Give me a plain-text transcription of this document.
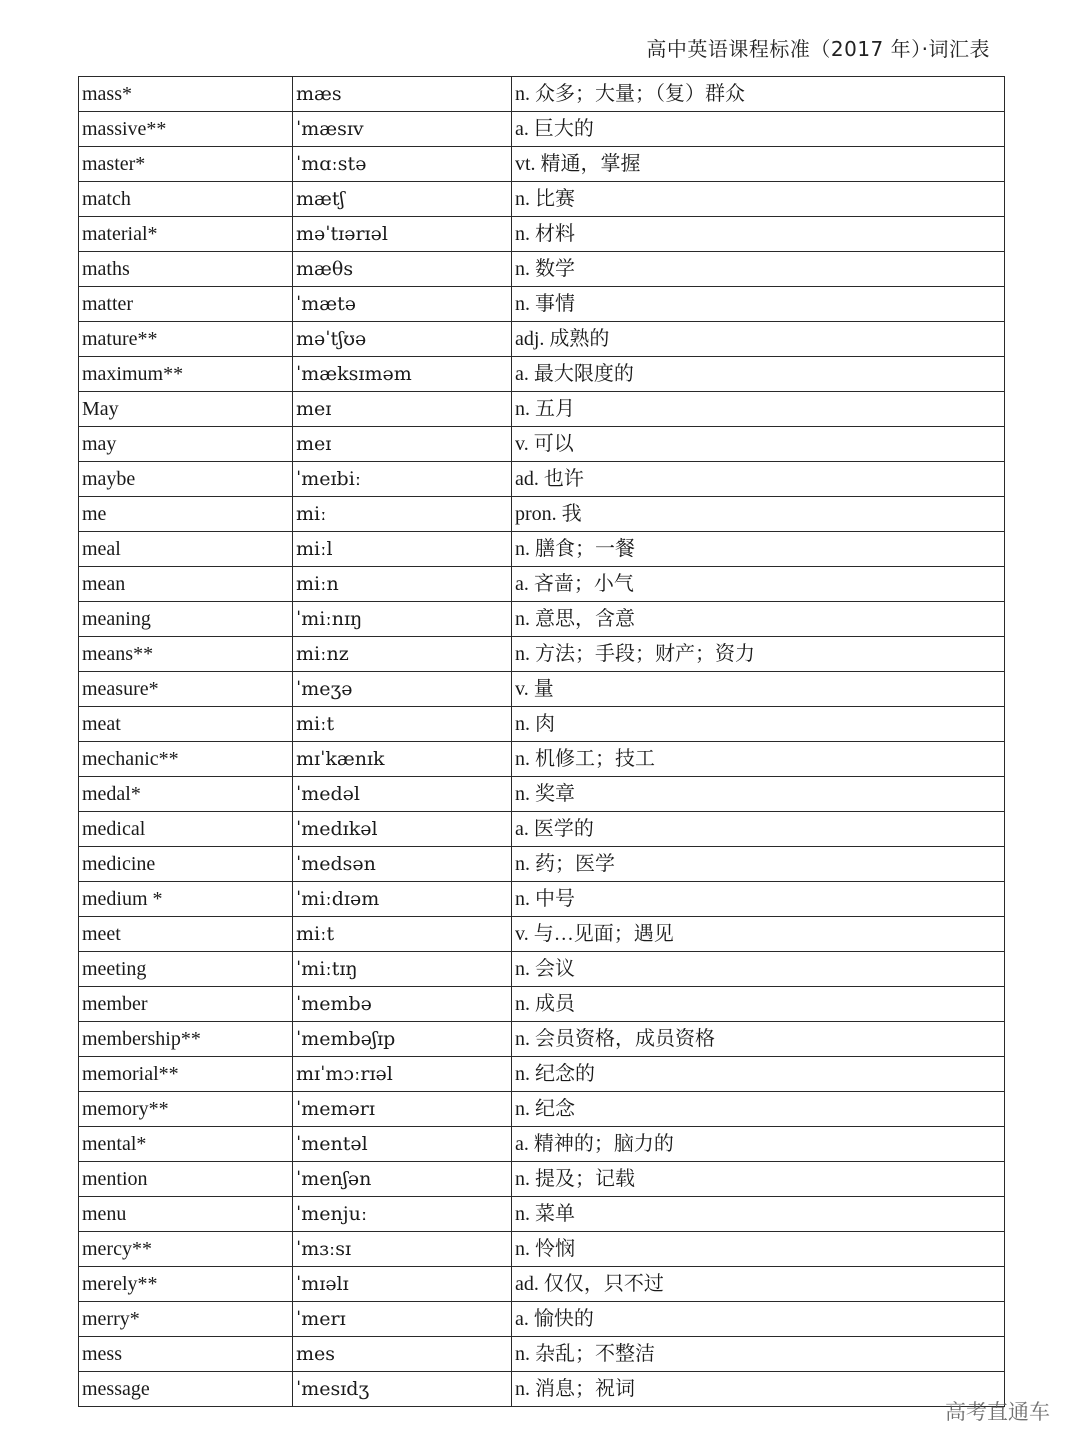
高中英语课程标准（2017 年）·词汇表
mass*	mæs	n. 众多；大量；（复）群众
massive**	ˈmæsɪv	a. 巨大的
master*	ˈmɑːstə	vt. 精通，掌握
match	mætʃ	n. 比赛
material*	məˈtɪərɪəl	n. 材料
maths	mæθs	n. 数学
matter	ˈmætə	n. 事情
mature**	məˈtʃʊə	adj. 成熟的
maximum**	ˈmæksɪməm	a. 最大限度的
May	meɪ	n. 五月
may	meɪ	v. 可以
maybe	ˈmeɪbiː	ad. 也许
me	miː	pron. 我
meal	miːl	n. 膳食；一餐
mean	miːn	a. 吝啬；小气
meaning	ˈmiːnɪŋ	n. 意思，含意
means**	miːnz	n. 方法；手段；财产；资力
measure*	ˈmeʒə	v. 量
meat	miːt	n. 肉
mechanic**	mɪˈkænɪk	n. 机修工；技工
medal*	ˈmedəl	n. 奖章
medical	ˈmedɪkəl	a. 医学的
medicine	ˈmedsən	n. 药；医学
medium *	ˈmiːdɪəm	n. 中号
meet	miːt	v. 与…见面；遇见
meeting	ˈmiːtɪŋ	n. 会议
member	ˈmembə	n. 成员
membership**	ˈmembəʃɪp	n. 会员资格，成员资格
memorial**	mɪˈmɔːrɪəl	n. 纪念的
memory**	ˈmemərɪ	n. 纪念
mental*	ˈmentəl	a. 精神的；脑力的
mention	ˈmenʃən	n. 提及；记载
menu	ˈmenjuː	n. 菜单
mercy**	ˈmɜːsɪ	n. 怜悯
merely**	ˈmɪəlɪ	ad. 仅仅，只不过
merry*	ˈmerɪ	a. 愉快的
mess	mes	n. 杂乱；不整洁
message	ˈmesɪdʒ	n. 消息；祝词
高考直通车
